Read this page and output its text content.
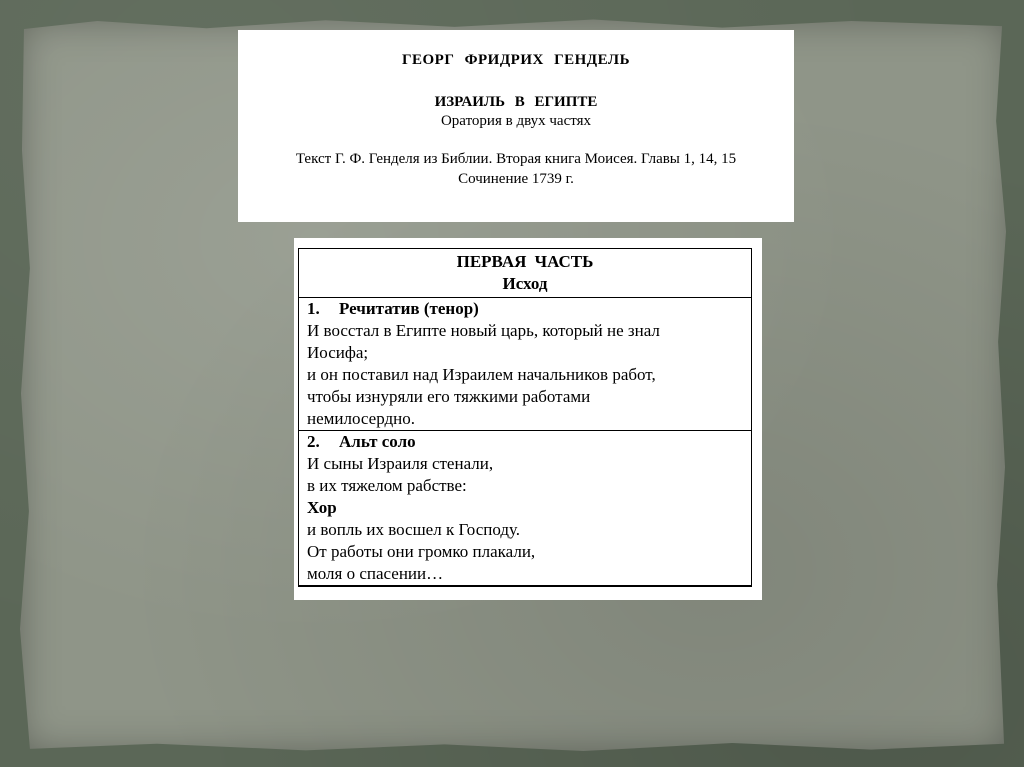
ГЕОРГ ФРИДРИХ ГЕНДЕЛЬ
ИЗРАИЛЬ В ЕГИПТЕ
Оратория в двух частях
Текст Г. Ф. Генделя из Библии. Вторая книга Моисея. Главы 1, 14, 15
Сочинение 1739 г.
ПЕРВАЯ ЧАСТЬ
Исход
1. Речитатив (тенор)
И восстал в Египте новый царь, который не знал
Иосифа;
и он поставил над Израилем начальников работ,
чтобы изнуряли его тяжкими работами
немилосердно.
2. Альт соло
И сыны Израиля стенали,
в их тяжелом рабстве:
Хор
и вопль их восшел к Господу.
От работы они громко плакали,
моля о спасении…
